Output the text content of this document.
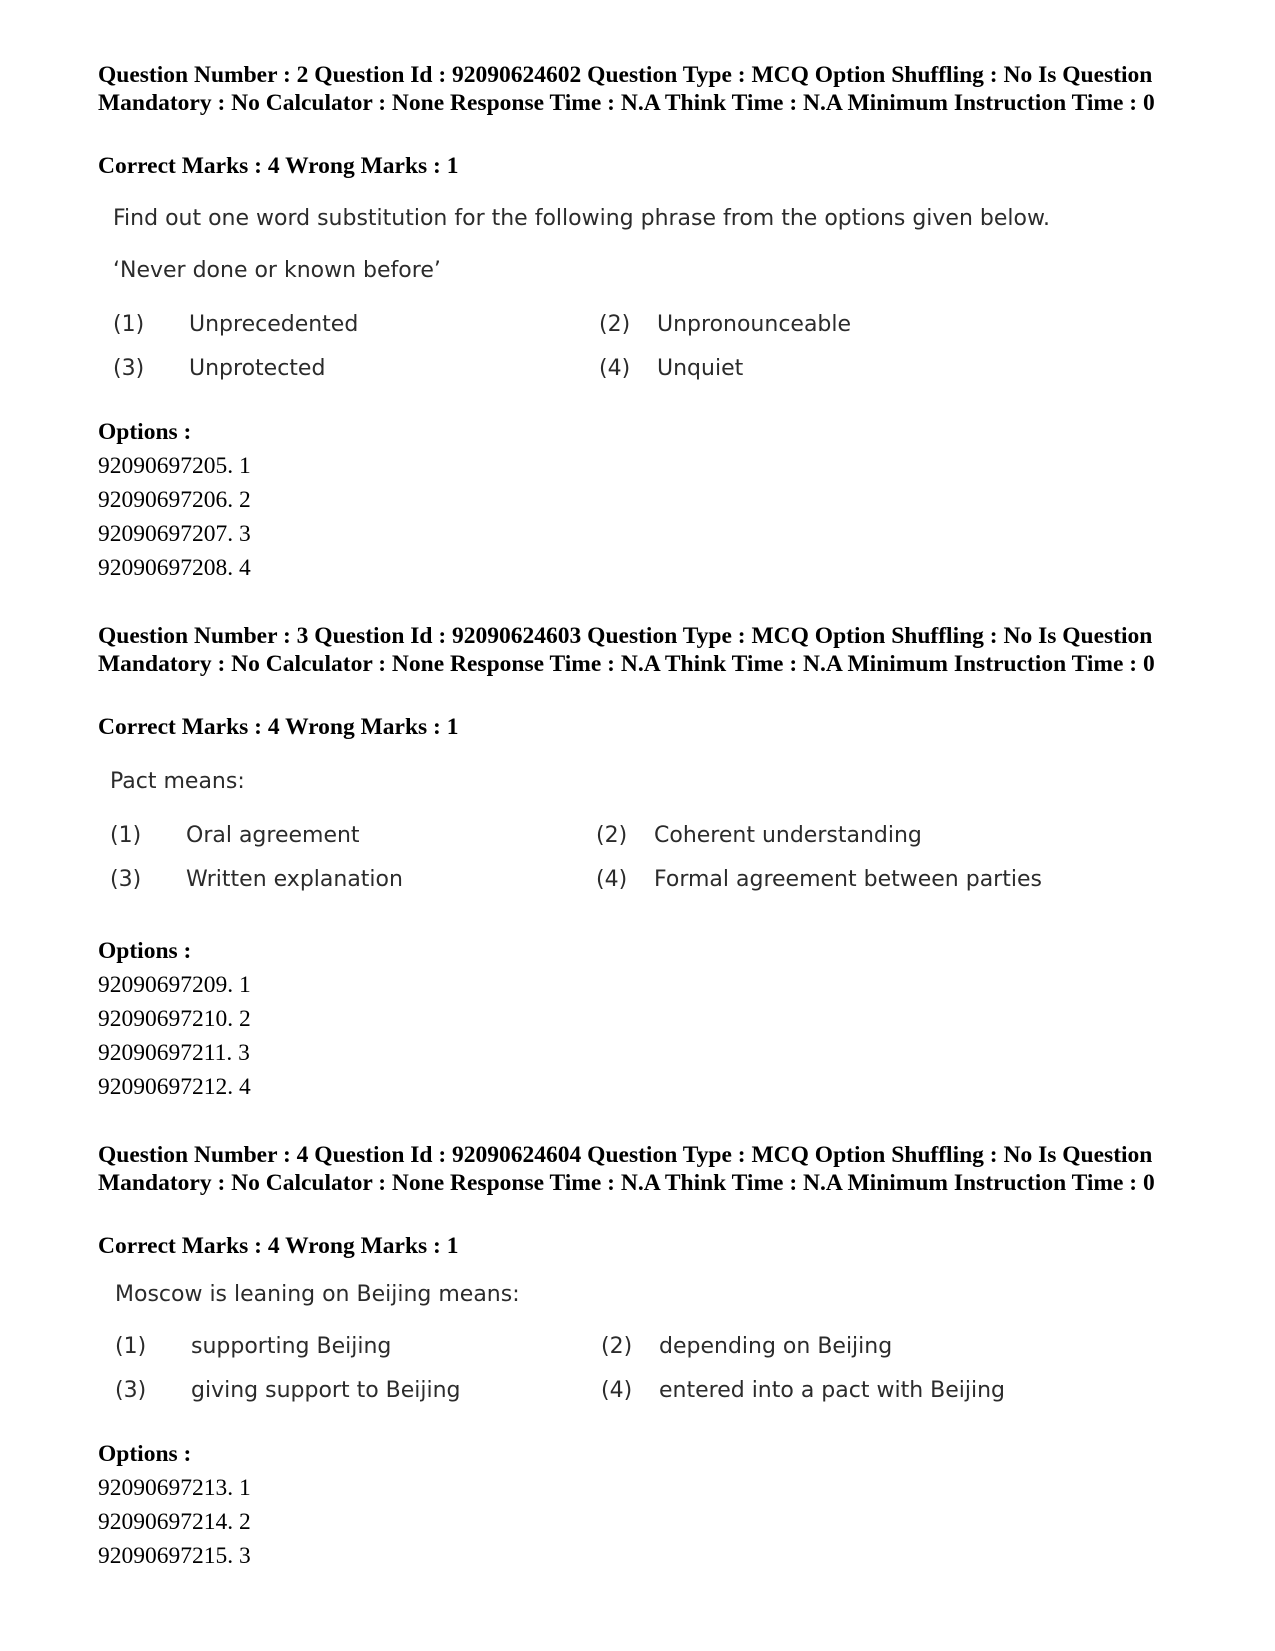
Question Number : 2 Question Id : 92090624602 Question Type : MCQ Option Shuffling : No Is Question Mandatory : No Calculator : None Response Time : N.A Think Time : N.A Minimum Instruction Time : 0
Correct Marks : 4 Wrong Marks : 1
Find out one word substitution for the following phrase from the options given below.
‘Never done or known before’
(1) Unprecedented	(2) Unpronounceable
(3) Unprotected	(4) Unquiet
Options :
92090697205. 1
92090697206. 2
92090697207. 3
92090697208. 4
Question Number : 3 Question Id : 92090624603 Question Type : MCQ Option Shuffling : No Is Question Mandatory : No Calculator : None Response Time : N.A Think Time : N.A Minimum Instruction Time : 0
Correct Marks : 4 Wrong Marks : 1
Pact means:
(1) Oral agreement	(2) Coherent understanding
(3) Written explanation	(4) Formal agreement between parties
Options :
92090697209. 1
92090697210. 2
92090697211. 3
92090697212. 4
Question Number : 4 Question Id : 92090624604 Question Type : MCQ Option Shuffling : No Is Question Mandatory : No Calculator : None Response Time : N.A Think Time : N.A Minimum Instruction Time : 0
Correct Marks : 4 Wrong Marks : 1
Moscow is leaning on Beijing means:
(1) supporting Beijing	(2) depending on Beijing
(3) giving support to Beijing	(4) entered into a pact with Beijing
Options :
92090697213. 1
92090697214. 2
92090697215. 3
